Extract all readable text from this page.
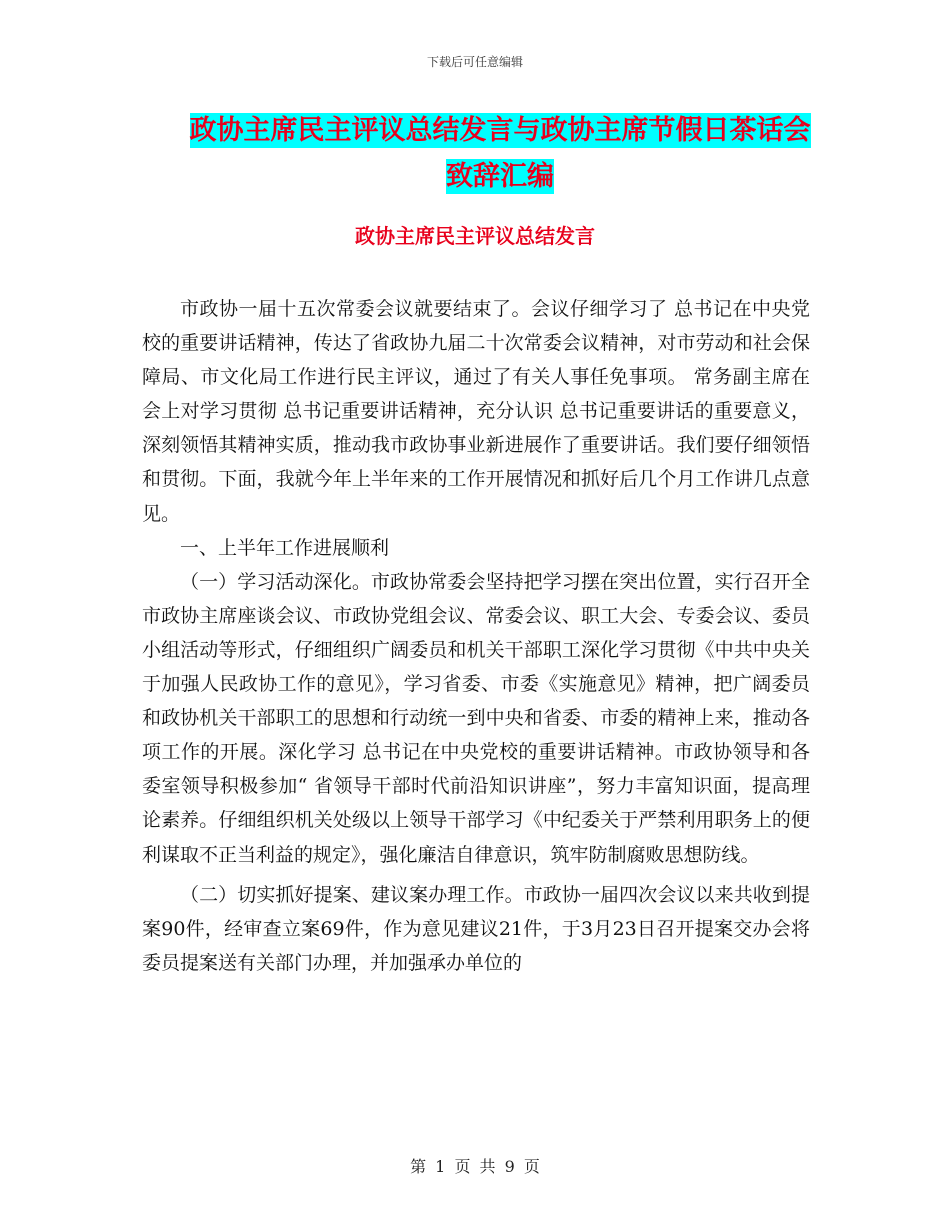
下载后可任意编辑
政协主席民主评议总结发言与政协主席节假日茶话会
致辞汇编
政协主席民主评议总结发言

市政协一届十五次常委会议就要结束了。会议仔细学习了 总书记在中央党校的重要讲话精神，传达了省政协九届二十次常委会议精神，对市劳动和社会保障局、市文化局工作进行民主评议，通过了有关人事任免事项。 常务副主席在会上对学习贯彻 总书记重要讲话精神，充分认识 总书记重要讲话的重要意义，深刻领悟其精神实质，推动我市政协事业新进展作了重要讲话。我们要仔细领悟和贯彻。下面，我就今年上半年来的工作开展情况和抓好后几个月工作讲几点意见。

一、上半年工作进展顺利

（一）学习活动深化。市政协常委会坚持把学习摆在突出位置，实行召开全市政协主席座谈会议、市政协党组会议、常委会议、职工大会、专委会议、委员小组活动等形式，仔细组织广阔委员和机关干部职工深化学习贯彻《中共中央关于加强人民政协工作的意见》，学习省委、市委《实施意见》精神，把广阔委员和政协机关干部职工的思想和行动统一到中央和省委、市委的精神上来，推动各项工作的开展。深化学习 总书记在中央党校的重要讲话精神。市政协领导和各委室领导积极参加“ 省领导干部时代前沿知识讲座”，努力丰富知识面，提高理论素养。仔细组织机关处级以上领导干部学习《中纪委关于严禁利用职务上的便利谋取不正当利益的规定》，强化廉洁自律意识，筑牢防制腐败思想防线。

（二）切实抓好提案、建议案办理工作。市政协一届四次会议以来共收到提案90件，经审查立案69件，作为意见建议21件，于3月23日召开提案交办会将委员提案送有关部门办理，并加强承办单位的

第 1 页 共 9 页
